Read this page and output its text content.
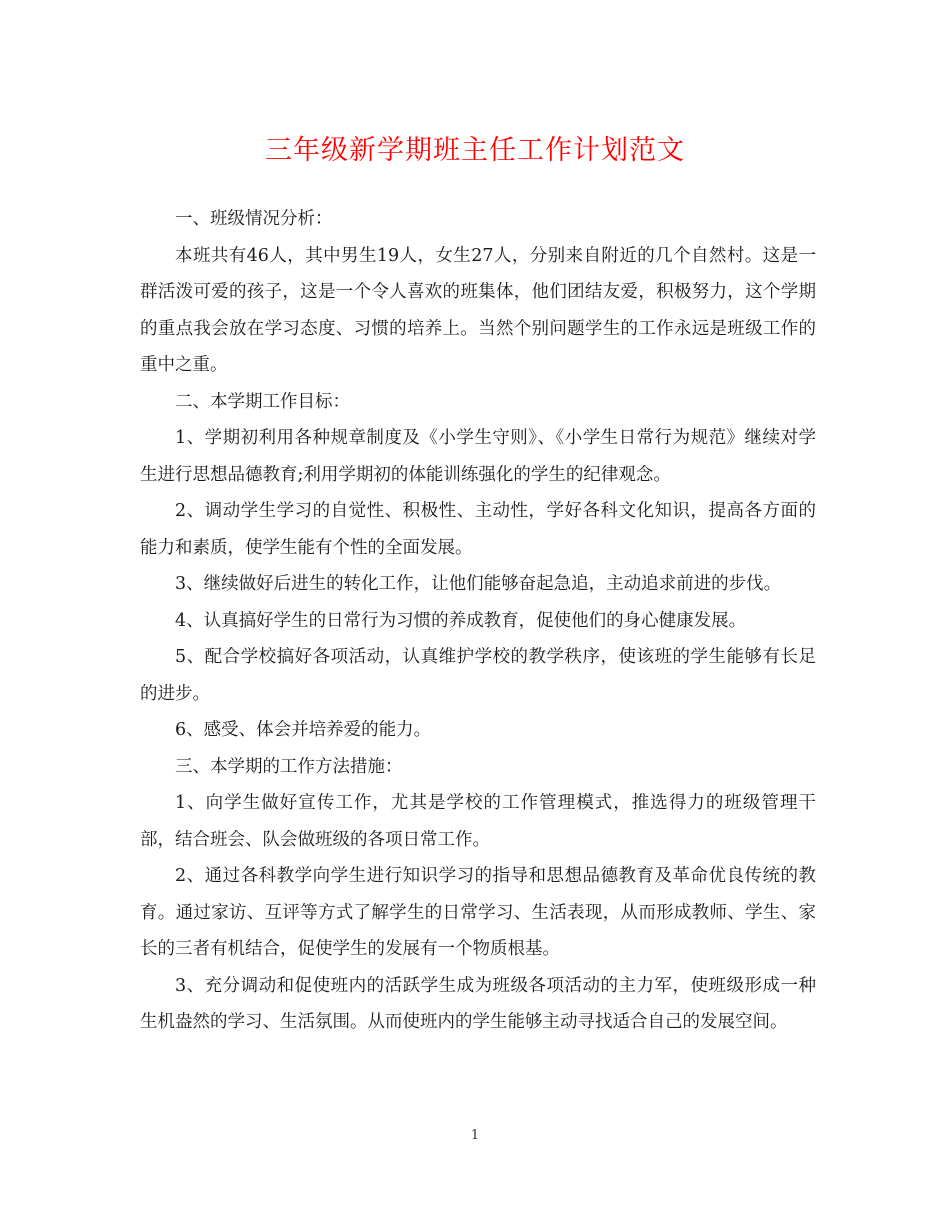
三年级新学期班主任工作计划范文

一、班级情况分析：

本班共有46人，其中男生19人，女生27人，分别来自附近的几个自然村。这是一群活泼可爱的孩子，这是一个令人喜欢的班集体，他们团结友爱，积极努力，这个学期的重点我会放在学习态度、习惯的培养上。当然个别问题学生的工作永远是班级工作的重中之重。

二、本学期工作目标：

1、学期初利用各种规章制度及《小学生守则》、《小学生日常行为规范》继续对学生进行思想品德教育;利用学期初的体能训练强化的学生的纪律观念。

2、调动学生学习的自觉性、积极性、主动性，学好各科文化知识，提高各方面的能力和素质，使学生能有个性的全面发展。

3、继续做好后进生的转化工作，让他们能够奋起急追，主动追求前进的步伐。

4、认真搞好学生的日常行为习惯的养成教育，促使他们的身心健康发展。

5、配合学校搞好各项活动，认真维护学校的教学秩序，使该班的学生能够有长足的进步。

6、感受、体会并培养爱的能力。

三、本学期的工作方法措施：

1、向学生做好宣传工作，尤其是学校的工作管理模式，推选得力的班级管理干部，结合班会、队会做班级的各项日常工作。

2、通过各科教学向学生进行知识学习的指导和思想品德教育及革命优良传统的教育。通过家访、互评等方式了解学生的日常学习、生活表现，从而形成教师、学生、家长的三者有机结合，促使学生的发展有一个物质根基。

3、充分调动和促使班内的活跃学生成为班级各项活动的主力军，使班级形成一种生机盎然的学习、生活氛围。从而使班内的学生能够主动寻找适合自己的发展空间。

1
